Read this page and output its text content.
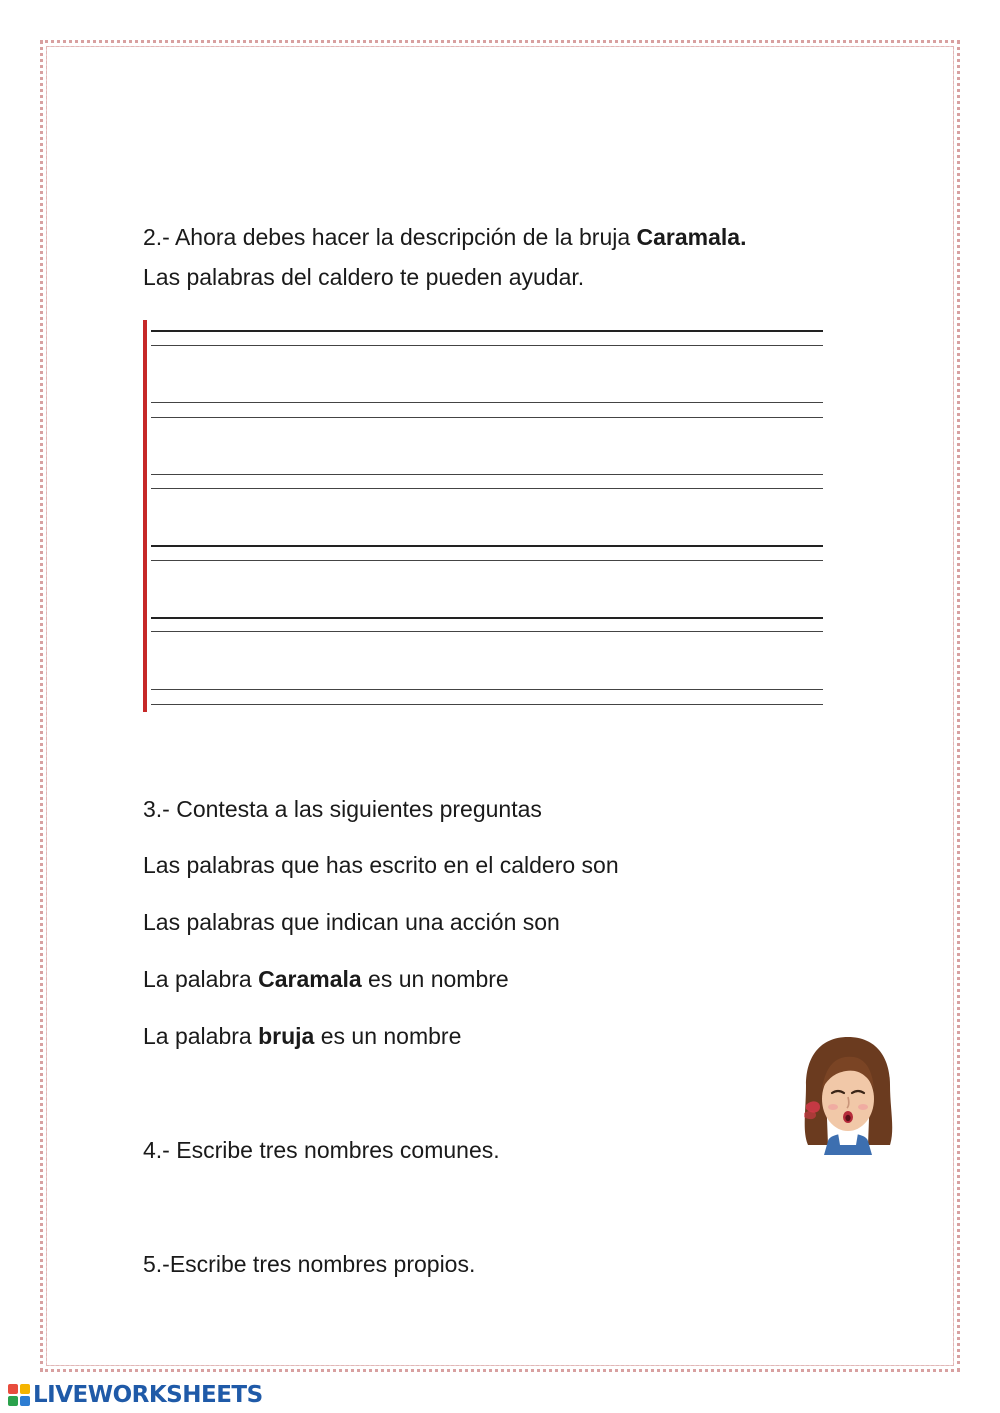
2.- Ahora debes hacer la descripción de la bruja Caramala.
Las palabras del caldero te pueden ayudar.
3.- Contesta a las siguientes preguntas
Las palabras que has escrito en el caldero son
Las palabras que indican una acción son
La palabra Caramala es un nombre
La palabra bruja es un nombre
4.- Escribe tres nombres comunes.
5.-Escribe tres nombres propios.
LIVEWORKSHEETS
